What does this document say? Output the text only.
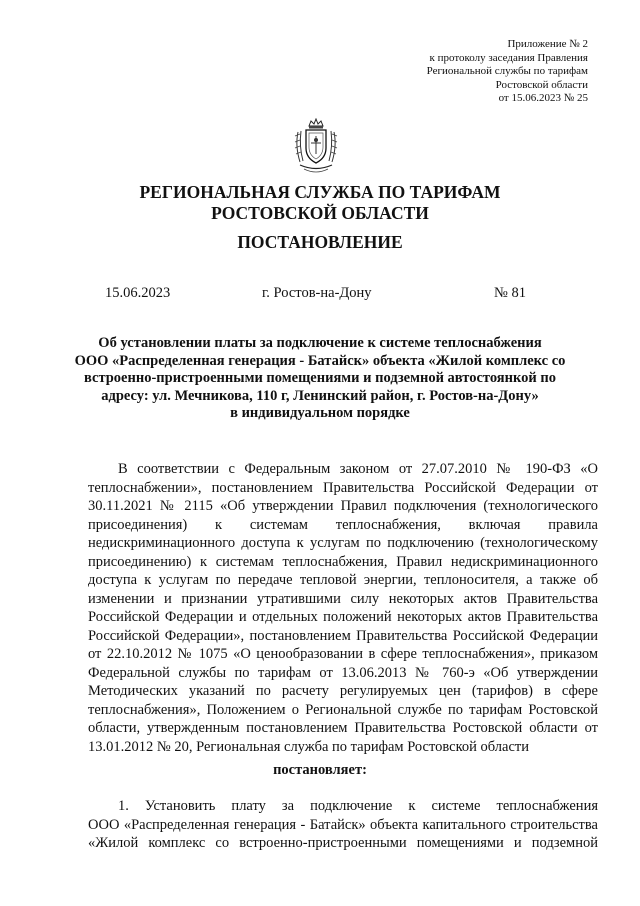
Приложение № 2
к протоколу заседания Правления
Региональной службы по тарифам
Ростовской области
от 15.06.2023 № 25
РЕГИОНАЛЬНАЯ СЛУЖБА ПО ТАРИФАМ
РОСТОВСКОЙ ОБЛАСТИ
ПОСТАНОВЛЕНИЕ
15.06.2023	г. Ростов-на-Дону	№ 81
Об установлении платы за подключение к системе теплоснабжения
ООО «Распределенная генерация - Батайск» объекта «Жилой комплекс со
встроенно-пристроенными помещениями и подземной автостоянкой по
адресу: ул. Мечникова, 110 г, Ленинский район, г. Ростов-на-Дону»
в индивидуальном порядке
В соответствии с Федеральным законом от 27.07.2010 № 190-ФЗ «О
теплоснабжении», постановлением Правительства Российской Федерации от
30.11.2021 № 2115 «Об утверждении Правил подключения (технологического
присоединения) к системам теплоснабжения, включая правила
недискриминационного доступа к услугам по подключению (технологическому
присоединению) к системам теплоснабжения, Правил недискриминационного
доступа к услугам по передаче тепловой энергии, теплоносителя, а также об
изменении и признании утратившими силу некоторых актов Правительства
Российской Федерации и отдельных положений некоторых актов Правительства
Российской Федерации», постановлением Правительства Российской Федерации
от 22.10.2012 № 1075 «О ценообразовании в сфере теплоснабжения», приказом
Федеральной службы по тарифам от 13.06.2013 № 760-э «Об утверждении
Методических указаний по расчету регулируемых цен (тарифов) в сфере
теплоснабжения», Положением о Региональной службе по тарифам Ростовской
области, утвержденным постановлением Правительства Ростовской области от
13.01.2012 № 20, Региональная служба по тарифам Ростовской области
постановляет:
1. Установить плату за подключение к системе теплоснабжения
ООО «Распределенная генерация - Батайск» объекта капитального строительства
«Жилой комплекс со встроенно-пристроенными помещениями и подземной
